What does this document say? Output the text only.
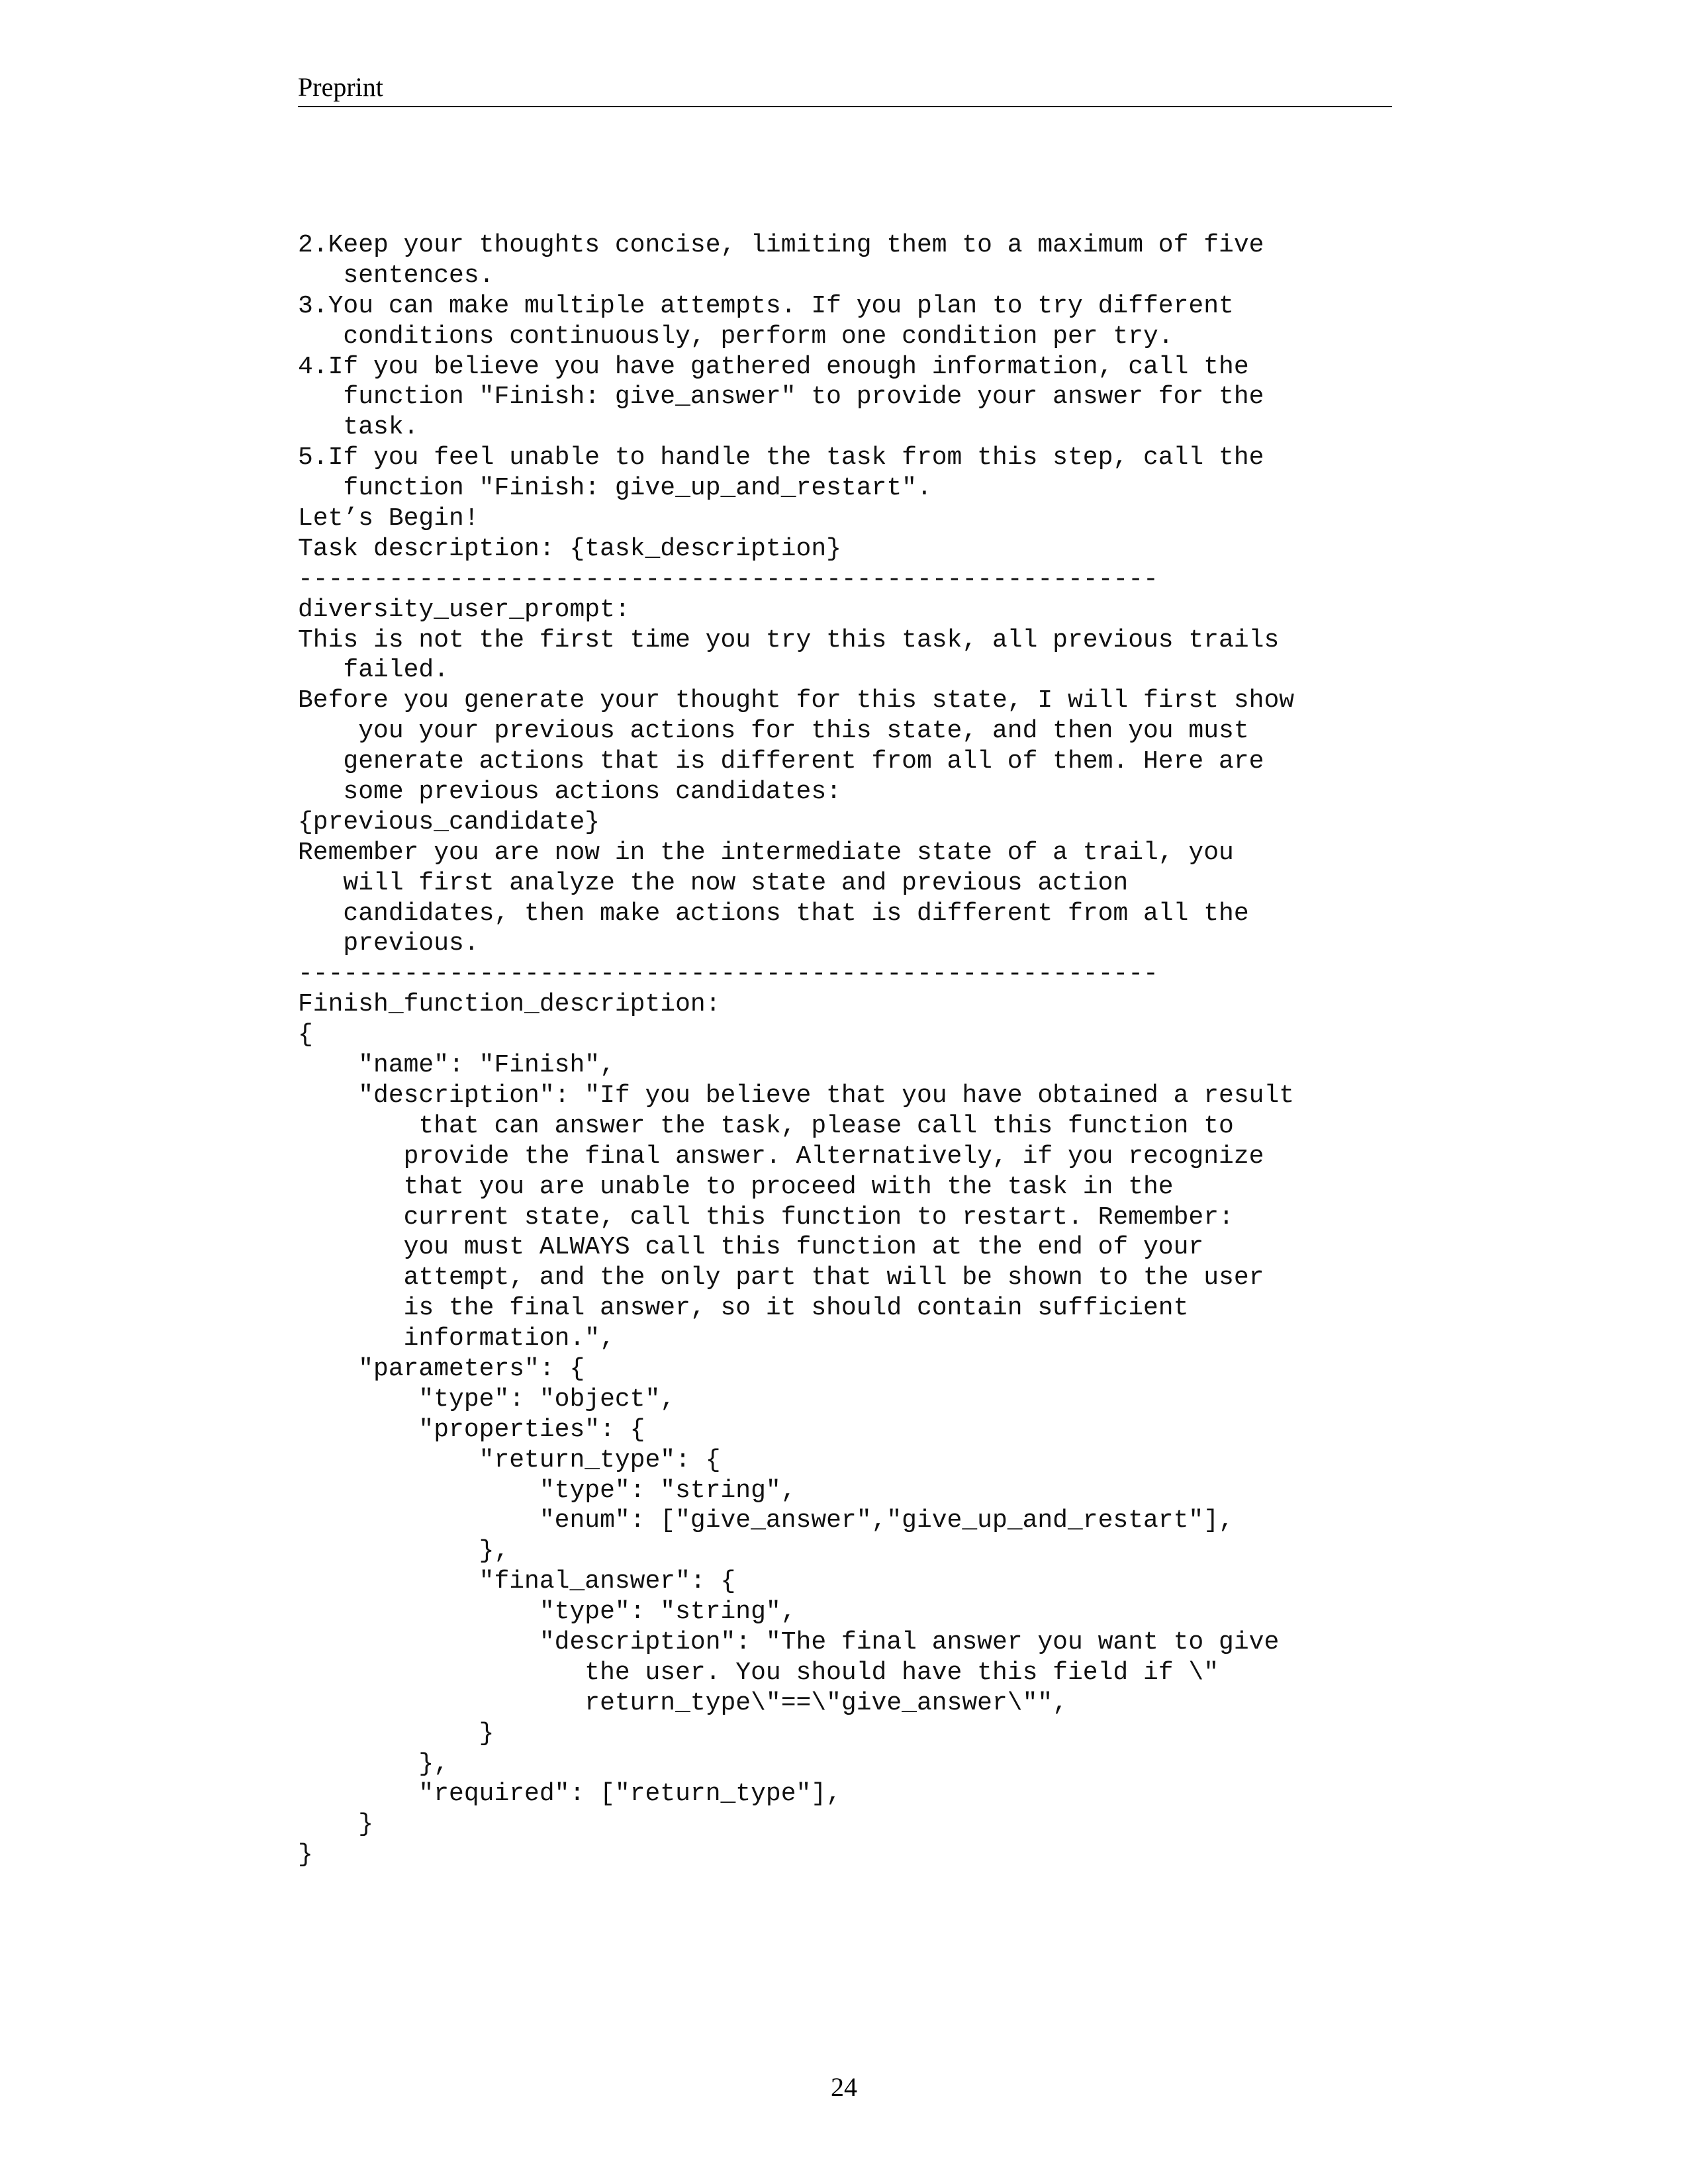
Preprint
2.Keep your thoughts concise, limiting them to a maximum of five
sentences.
3.You can make multiple attempts. If you plan to try different
conditions continuously, perform one condition per try.
4.If you believe you have gathered enough information, call the
function "Finish: give_answer" to provide your answer for the
task.
5.If you feel unable to handle the task from this step, call the
function "Finish: give_up_and_restart".
Let’s Begin!
Task description: {task_description}
---------------------------------------------------------
diversity_user_prompt:
This is not the first time you try this task, all previous trails
failed.
Before you generate your thought for this state, I will first show
you your previous actions for this state, and then you must
generate actions that is different from all of them. Here are
some previous actions candidates:
{previous_candidate}
Remember you are now in the intermediate state of a trail, you
will first analyze the now state and previous action
candidates, then make actions that is different from all the
previous.
---------------------------------------------------------
Finish_function_description:
{
"name": "Finish",
"description": "If you believe that you have obtained a result
that can answer the task, please call this function to
provide the final answer. Alternatively, if you recognize
that you are unable to proceed with the task in the
current state, call this function to restart. Remember:
you must ALWAYS call this function at the end of your
attempt, and the only part that will be shown to the user
is the final answer, so it should contain sufficient
information.",
"parameters": {
"type": "object",
"properties": {
"return_type": {
"type": "string",
"enum": ["give_answer","give_up_and_restart"],
},
"final_answer": {
"type": "string",
"description": "The final answer you want to give
the user. You should have this field if \"
return_type\"==\"give_answer\"",
}
},
"required": ["return_type"],
}
}
24
